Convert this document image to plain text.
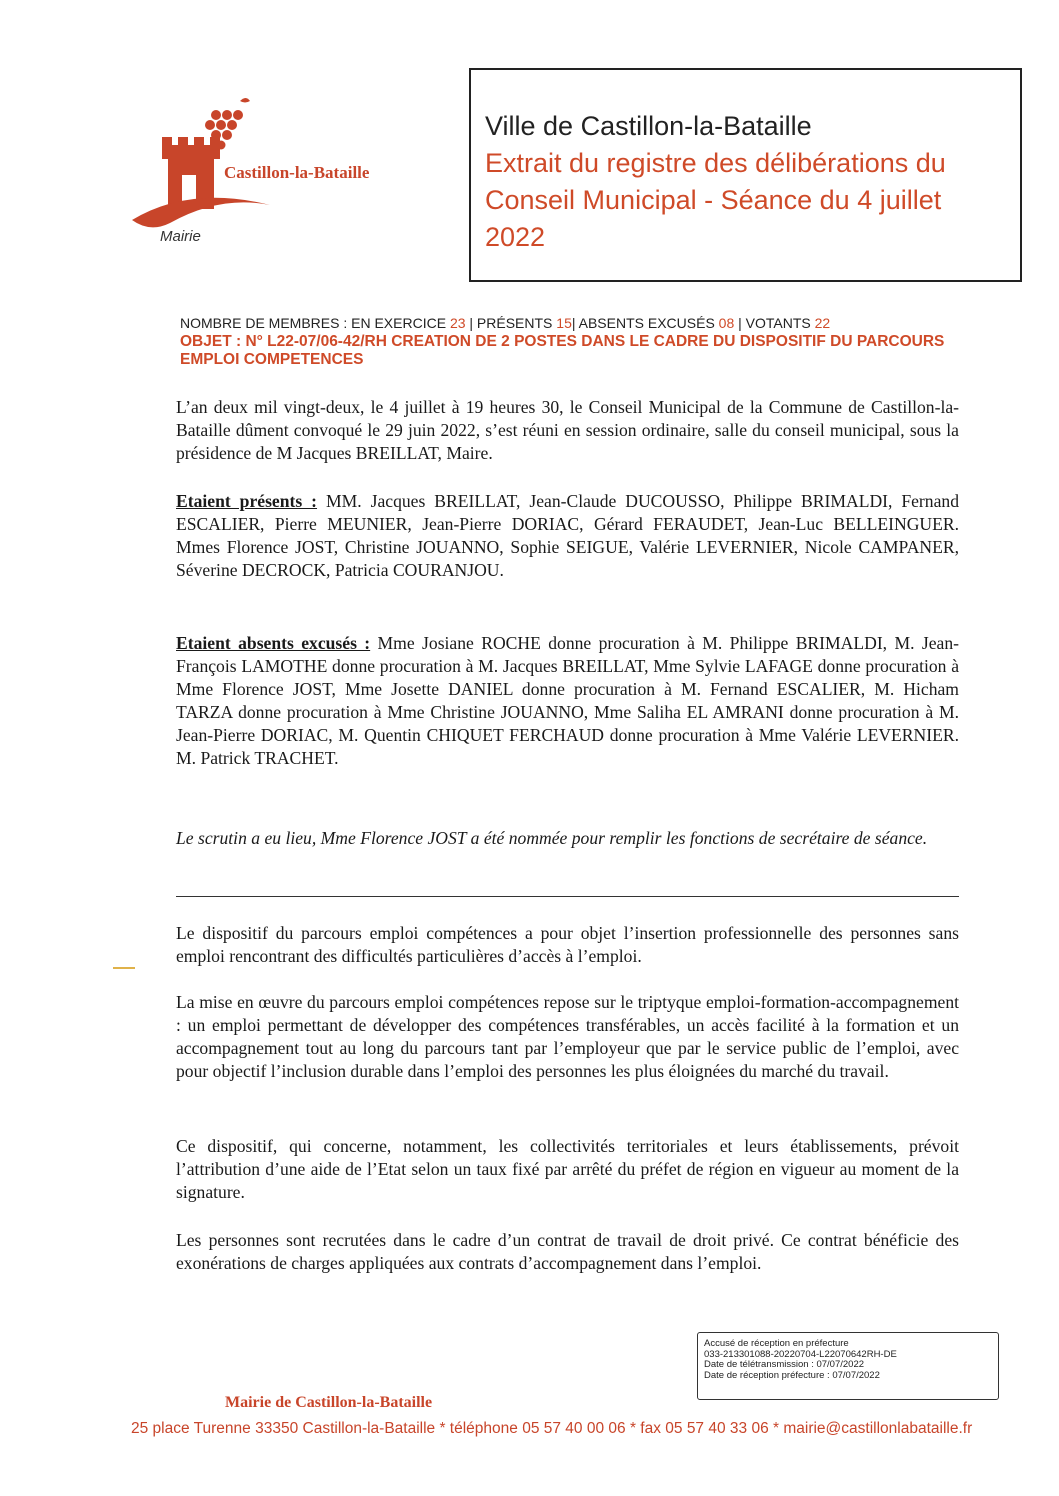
Castillon-la-Bataille
Mairie
Ville de Castillon-la-Bataille
Extrait du registre des délibérations du Conseil Municipal - Séance du 4 juillet 2022
NOMBRE DE MEMBRES : EN EXERCICE 23 | PRÉSENTS 15| ABSENTS EXCUSÉS 08 | VOTANTS 22
OBJET : N° L22-07/06-42/RH CREATION DE 2 POSTES DANS LE CADRE DU DISPOSITIF DU PARCOURS EMPLOI COMPETENCES
L’an deux mil vingt-deux, le 4 juillet à 19 heures 30, le Conseil Municipal de la Commune de Castillon-la-Bataille dûment convoqué le 29 juin 2022, s’est réuni en session ordinaire, salle du conseil municipal, sous la présidence de M Jacques BREILLAT, Maire.
Etaient présents : MM. Jacques BREILLAT, Jean-Claude DUCOUSSO, Philippe BRIMALDI, Fernand ESCALIER, Pierre MEUNIER, Jean-Pierre DORIAC, Gérard FERAUDET, Jean-Luc BELLEINGUER. Mmes Florence JOST, Christine JOUANNO, Sophie SEIGUE, Valérie LEVERNIER, Nicole CAMPANER, Séverine DECROCK, Patricia COURANJOU.
Etaient absents excusés : Mme Josiane ROCHE donne procuration à M. Philippe BRIMALDI, M. Jean-François LAMOTHE donne procuration à M. Jacques BREILLAT, Mme Sylvie LAFAGE donne procuration à Mme Florence JOST, Mme Josette DANIEL donne procuration à M. Fernand ESCALIER, M. Hicham TARZA donne procuration à Mme Christine JOUANNO, Mme Saliha EL AMRANI donne procuration à M. Jean-Pierre DORIAC, M. Quentin CHIQUET FERCHAUD donne procuration à Mme Valérie LEVERNIER. M. Patrick TRACHET.
Le scrutin a eu lieu, Mme Florence JOST a été nommée pour remplir les fonctions de secrétaire de séance.
Le dispositif du parcours emploi compétences a pour objet l’insertion professionnelle des personnes sans emploi rencontrant des difficultés particulières d’accès à l’emploi.
La mise en œuvre du parcours emploi compétences repose sur le triptyque emploi-formation-accompagnement : un emploi permettant de développer des compétences transférables, un accès facilité à la formation et un accompagnement tout au long du parcours tant par l’employeur que par le service public de l’emploi, avec pour objectif l’inclusion durable dans l’emploi des personnes les plus éloignées du marché du travail.
Ce dispositif, qui concerne, notamment, les collectivités territoriales et leurs établissements, prévoit l’attribution d’une aide de l’Etat selon un taux fixé par arrêté du préfet de région en vigueur au moment de la signature.
Les personnes sont recrutées dans le cadre d’un contrat de travail de droit privé. Ce contrat bénéficie des exonérations de charges appliquées aux contrats d’accompagnement dans l’emploi.
Accusé de réception en préfecture
033-213301088-20220704-L22070642RH-DE
Date de télétransmission : 07/07/2022
Date de réception préfecture : 07/07/2022
Mairie de Castillon-la-Bataille
25 place Turenne 33350 Castillon-la-Bataille * téléphone 05 57 40 00 06 * fax 05 57 40 33 06 * mairie@castillonlabataille.fr
